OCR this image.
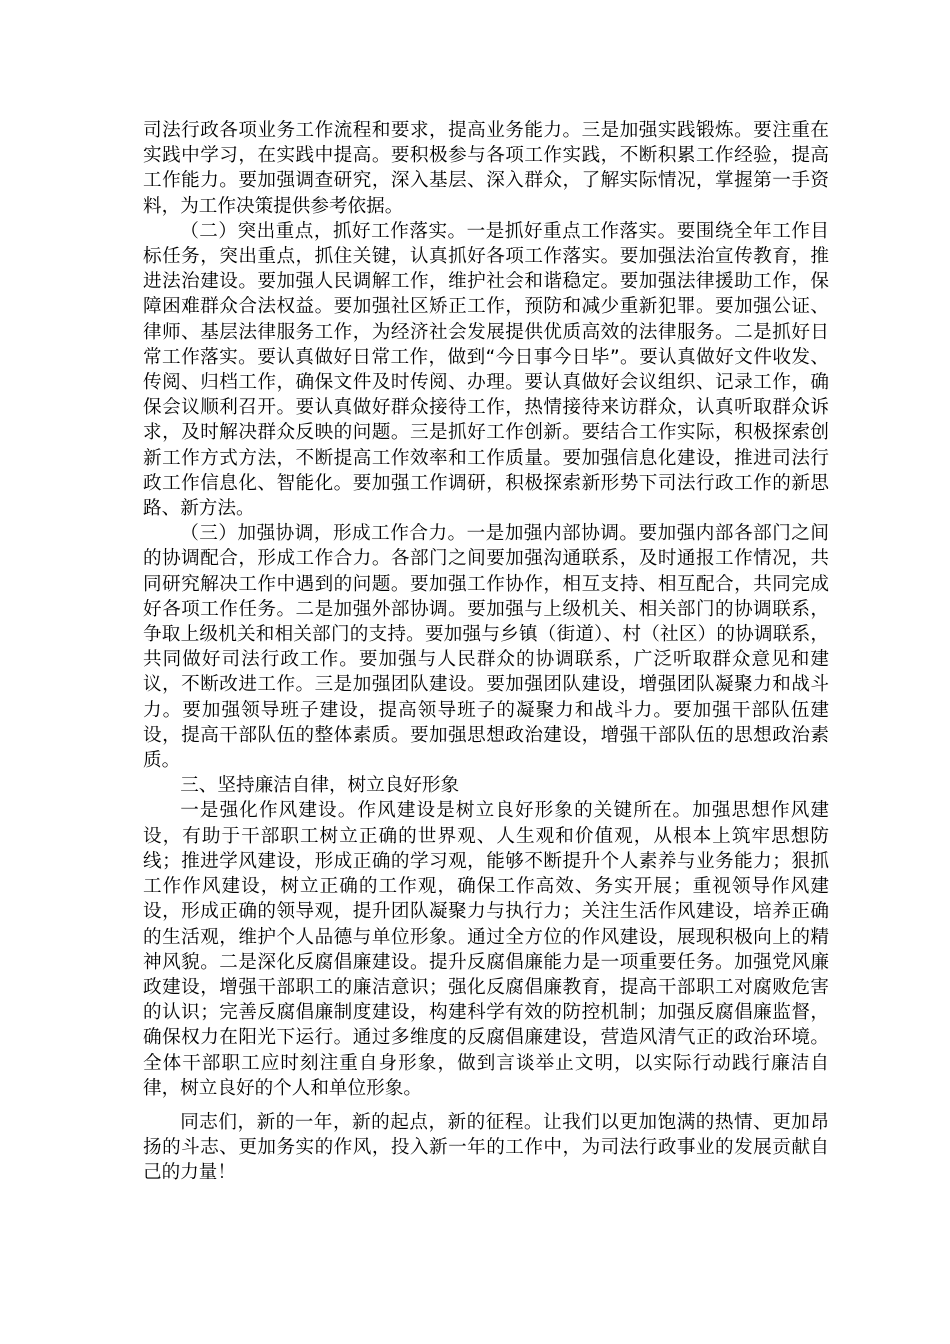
司法行政各项业务工作流程和要求，提高业务能力。三是加强实践锻炼。要注重在实践中学习，在实践中提高。要积极参与各项工作实践，不断积累工作经验，提高工作能力。要加强调查研究，深入基层、深入群众，了解实际情况，掌握第一手资料，为工作决策提供参考依据。

（二）突出重点，抓好工作落实。一是抓好重点工作落实。要围绕全年工作目标任务，突出重点，抓住关键，认真抓好各项工作落实。要加强法治宣传教育，推进法治建设。要加强人民调解工作，维护社会和谐稳定。要加强法律援助工作，保障困难群众合法权益。要加强社区矫正工作，预防和减少重新犯罪。要加强公证、律师、基层法律服务工作，为经济社会发展提供优质高效的法律服务。二是抓好日常工作落实。要认真做好日常工作，做到“今日事今日毕”。要认真做好文件收发、传阅、归档工作，确保文件及时传阅、办理。要认真做好会议组织、记录工作，确保会议顺利召开。要认真做好群众接待工作，热情接待来访群众，认真听取群众诉求，及时解决群众反映的问题。三是抓好工作创新。要结合工作实际，积极探索创新工作方式方法，不断提高工作效率和工作质量。要加强信息化建设，推进司法行政工作信息化、智能化。要加强工作调研，积极探索新形势下司法行政工作的新思路、新方法。

（三）加强协调，形成工作合力。一是加强内部协调。要加强内部各部门之间的协调配合，形成工作合力。各部门之间要加强沟通联系，及时通报工作情况，共同研究解决工作中遇到的问题。要加强工作协作，相互支持、相互配合，共同完成好各项工作任务。二是加强外部协调。要加强与上级机关、相关部门的协调联系，争取上级机关和相关部门的支持。要加强与乡镇（街道）、村（社区）的协调联系，共同做好司法行政工作。要加强与人民群众的协调联系，广泛听取群众意见和建议，不断改进工作。三是加强团队建设。要加强团队建设，增强团队凝聚力和战斗力。要加强领导班子建设，提高领导班子的凝聚力和战斗力。要加强干部队伍建设，提高干部队伍的整体素质。要加强思想政治建设，增强干部队伍的思想政治素质。

三、坚持廉洁自律，树立良好形象

一是强化作风建设。作风建设是树立良好形象的关键所在。加强思想作风建设，有助于干部职工树立正确的世界观、人生观和价值观，从根本上筑牢思想防线；推进学风建设，形成正确的学习观，能够不断提升个人素养与业务能力；狠抓工作作风建设，树立正确的工作观，确保工作高效、务实开展；重视领导作风建设，形成正确的领导观，提升团队凝聚力与执行力；关注生活作风建设，培养正确的生活观，维护个人品德与单位形象。通过全方位的作风建设，展现积极向上的精神风貌。二是深化反腐倡廉建设。提升反腐倡廉能力是一项重要任务。加强党风廉政建设，增强干部职工的廉洁意识；强化反腐倡廉教育，提高干部职工对腐败危害的认识；完善反腐倡廉制度建设，构建科学有效的防控机制；加强反腐倡廉监督，确保权力在阳光下运行。通过多维度的反腐倡廉建设，营造风清气正的政治环境。全体干部职工应时刻注重自身形象，做到言谈举止文明，以实际行动践行廉洁自律，树立良好的个人和单位形象。

同志们，新的一年，新的起点，新的征程。让我们以更加饱满的热情、更加昂扬的斗志、更加务实的作风，投入新一年的工作中，为司法行政事业的发展贡献自己的力量！
